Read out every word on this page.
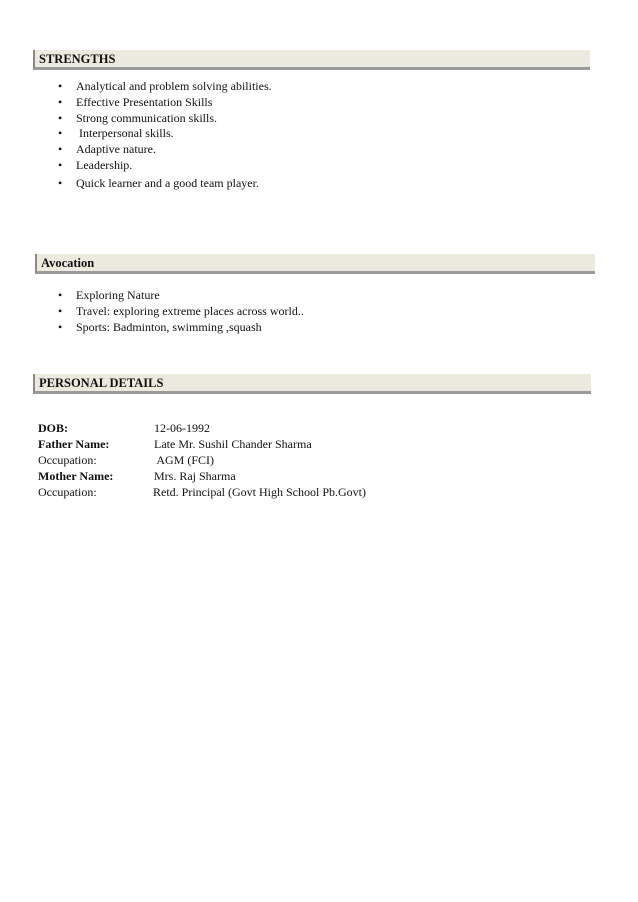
STRENGTHS
• Analytical and problem solving abilities.
• Effective Presentation Skills
• Strong communication skills.
•  Interpersonal skills.
• Adaptive nature.
• Leadership.
• Quick learner and a good team player.
Avocation
• Exploring Nature
• Travel: exploring extreme places across world..
• Sports: Badminton, swimming ,squash
PERSONAL DETAILS
DOB:	12-06-1992
Father Name:	Late Mr. Sushil Chander Sharma
Occupation:	AGM (FCI)
Mother Name:	Mrs. Raj Sharma
Occupation:	Retd. Principal (Govt High School Pb.Govt)
